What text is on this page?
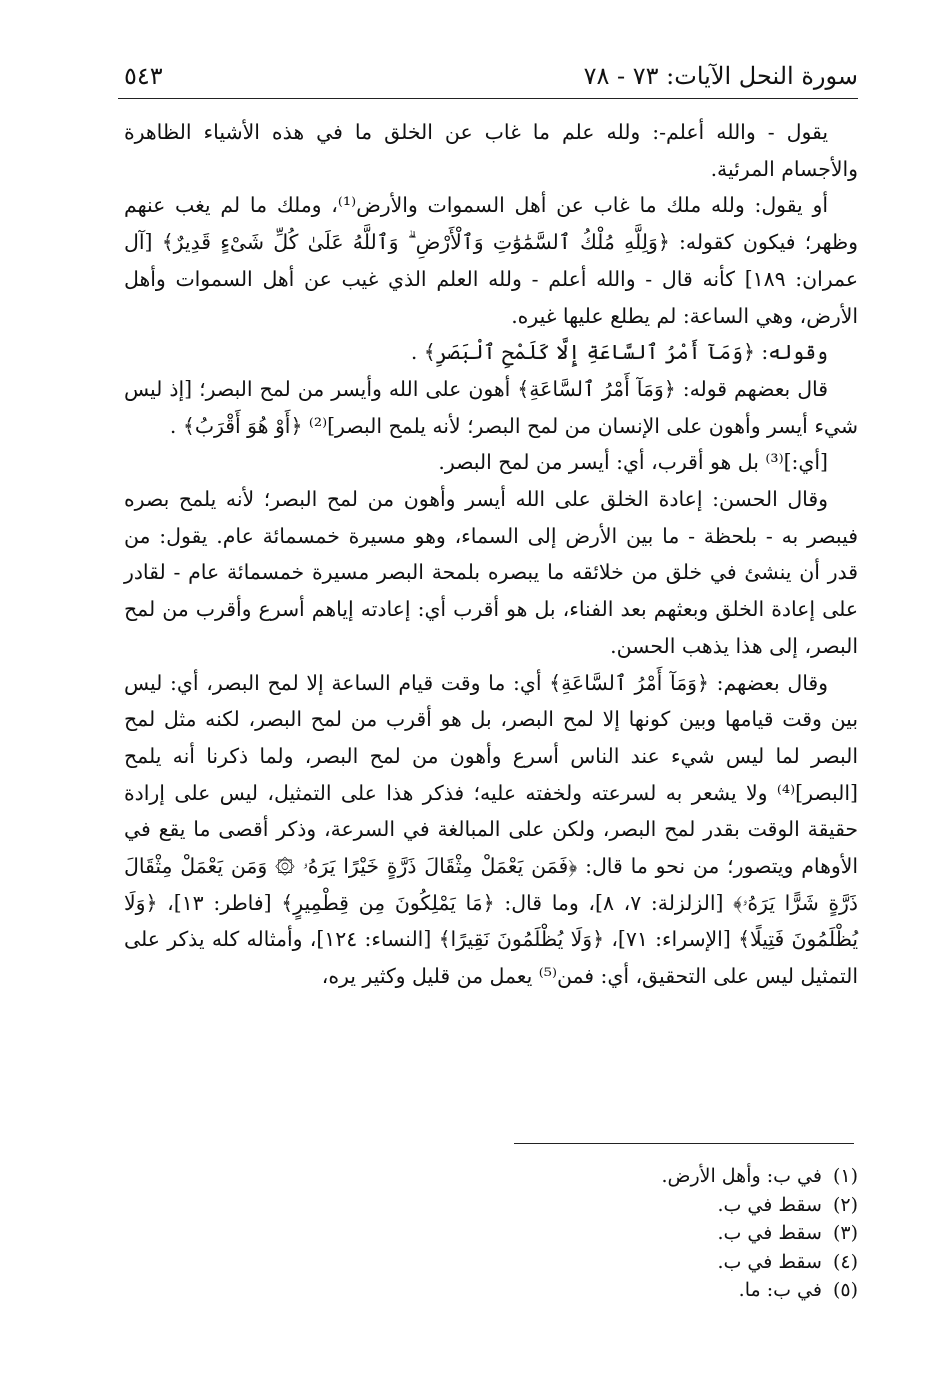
سورة النحل الآيات: ٧٣ - ٧٨
٥٤٣

يقول - والله أعلم-: ولله علم ما غاب عن الخلق ما في هذه الأشياء الظاهرة والأجسام المرئية.

أو يقول: ولله ملك ما غاب عن أهل السموات والأرض⁽¹⁾، وملك ما لم يغب عنهم وظهر؛ فيكون كقوله: ﴿وَلِلَّهِ مُلْكُ ٱلسَّمَٰوَٰتِ وَٱلْأَرْضِ ۗ وَٱللَّهُ عَلَىٰ كُلِّ شَىْءٍ قَدِيرٌ﴾ [آل عمران: ١٨٩] كأنه قال - والله أعلم - ولله العلم الذي غيب عن أهل السموات وأهل الأرض، وهي الساعة: لم يطلع عليها غيره.

وقوله: ﴿وَمَآ أَمْرُ ٱلسَّاعَةِ إِلَّا كَلَمْحِ ٱلْبَصَرِ﴾ .

قال بعضهم قوله: ﴿وَمَآ أَمْرُ ٱلسَّاعَةِ﴾ أهون على الله وأيسر من لمح البصر؛ [إذ ليس شيء أيسر وأهون على الإنسان من لمح البصر؛ لأنه يلمح البصر]⁽²⁾ ﴿أَوْ هُوَ أَقْرَبُ﴾ .

[أي:]⁽³⁾ بل هو أقرب، أي: أيسر من لمح البصر.

وقال الحسن: إعادة الخلق على الله أيسر وأهون من لمح البصر؛ لأنه يلمح بصره فيبصر به - بلحظة - ما بين الأرض إلى السماء، وهو مسيرة خمسمائة عام. يقول: من قدر أن ينشئ في خلق من خلائقه ما يبصره بلمحة البصر مسيرة خمسمائة عام - لقادر على إعادة الخلق وبعثهم بعد الفناء، بل هو أقرب أي: إعادته إياهم أسرع وأقرب من لمح البصر، إلى هذا يذهب الحسن.

وقال بعضهم: ﴿وَمَآ أَمْرُ ٱلسَّاعَةِ﴾ أي: ما وقت قيام الساعة إلا لمح البصر، أي: ليس بين وقت قيامها وبين كونها إلا لمح البصر، بل هو أقرب من لمح البصر، لكنه مثل لمح البصر لما ليس شيء عند الناس أسرع وأهون من لمح البصر، ولما ذكرنا أنه يلمح [البصر]⁽⁴⁾ ولا يشعر به لسرعته ولخفته عليه؛ فذكر هذا على التمثيل، ليس على إرادة حقيقة الوقت بقدر لمح البصر، ولكن على المبالغة في السرعة، وذكر أقصى ما يقع في الأوهام ويتصور؛ من نحو ما قال: ﴿فَمَن يَعْمَلْ مِثْقَالَ ذَرَّةٍ خَيْرًا يَرَهُۥ ۞ وَمَن يَعْمَلْ مِثْقَالَ ذَرَّةٍ شَرًّا يَرَهُۥ﴾ [الزلزلة: ٧، ٨]، وما قال: ﴿مَا يَمْلِكُونَ مِن قِطْمِيرٍ﴾ [فاطر: ١٣]، ﴿وَلَا يُظْلَمُونَ فَتِيلًا﴾ [الإسراء: ٧١]، ﴿وَلَا يُظْلَمُونَ نَقِيرًا﴾ [النساء: ١٢٤]، وأمثاله كله يذكر على التمثيل ليس على التحقيق، أي: فمن⁽⁵⁾ يعمل من قليل وكثير يره،

(١) في ب: وأهل الأرض.
(٢) سقط في ب.
(٣) سقط في ب.
(٤) سقط في ب.
(٥) في ب: ما.
